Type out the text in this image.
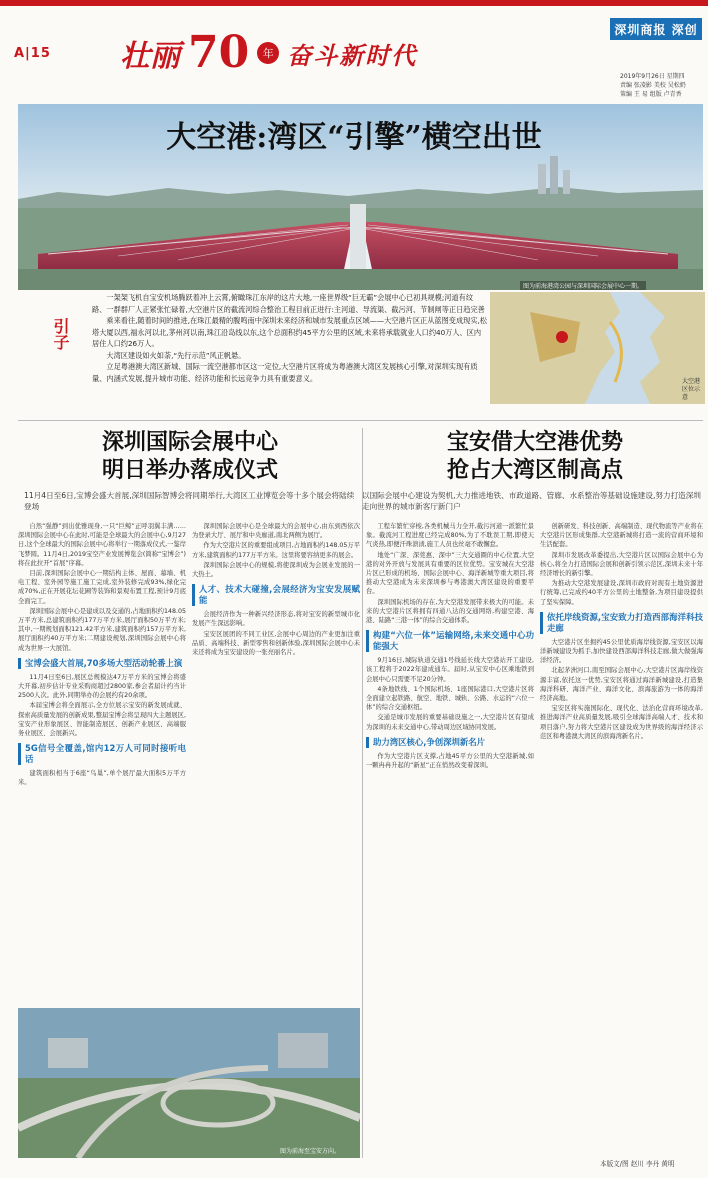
A|15 壮丽 70	年 奋斗新时代
深圳商报 深创
2019年9月26日 星期四
责编 张凌影 美校 吴松奶
策编 王 易 组版 卢青香
大空港:湾区“引擎”横空出世
图为前海港湾公园与深圳国际会展中心一期。
引子

一架架飞机自宝安机场腾跃着冲上云霄,俯瞰珠江东岸的这片大地,一座世界级“巨无霸”会展中心已初具规模;河道有纹路、一群群厂人正紧张忙碌着,大空港片区的截流河综合整治工程目前正进行:主河道、导流渠、截污河、节制闸等正日趋完善

乘来看往,随着时间的推进,在珠江最精的腹鸣南中深圳未来经济和城市发展重点区域——大空港片区正从蓝图变成现实,松塔大厦以西,福永河以北,茅州河以南,珠江沿岛线以东,这个总面积约45平方公里的区域,未来将承载就业人口约40万人、区内居住人口约26万人。

大湾区建设如火如荼,“先行示范”风正帆悬。

立足粤港澳大湾区新城、国际一流空港都市区这一定位,大空港片区将成为粤港澳大湾区发展核心引擎,对深圳实现有质量、内涵式发展,提升城市功能、经济功能和长远竞争力具有重要意义。	大空港区位示意
深圳国际会展中心
明日举办落成仪式
宝安借大空港优势
抢占大湾区制高点
11月4日至6日,宝博会盛大首展,深圳国际智博会将同期举行,大湾区工业博览会等十多个展会将陆续登场
以国际会展中心建设为契机,大力推进地铁、市政道路、管廊、水系整治等基础设施建设,努力打造深圳走向世界的城市新客厅新门户

自然“强静”到出优雅现身,一只“巨鲸”正呼羽翼丰满……深圳国际会展中心在此时,可能是全球最大的会展中心,9月27日,这个全球最大的国际会展中心将举行一期落成仪式,一鉴岸飞梦圆。11月4日,2019宝空产业发展博览会(简称“宝博会”)将在此拉开“首展”序幕。

目前,深圳国际会展中心一期结构主体、屋面、幕墙、机电工程、室外园等施工施工完成,室外装修完成93%,绿化完成70%,正在开展花坛花圃等装饰和景观布置工程,预计9月底全面完工。

深圳国际会展中心是建成以及交通的,占地面积约148.05万平方米,总建筑面积约177万平方米,展厅面积50万平方米;其中,一期规划面积121.42平方米,建筑面积约157万平方米,展厅面积约40万平方米;二期建设规划,深圳国际会展中心将成为世界一大展馆。

宝博会盛大首展,70多场大型活动轮番上演

11月4日至6日,展区总规模达47万平方米的宝博会将盛大开幕,初步估计专业采购商超过2800家,参会者届计约当计2500人次。此外,同期举办的会展约有20余项。

本届宝博会将全面展示,全方位展示宝安的新发展成就、探索高质量发展的创新成果,整届宝博会将呈现四大主题展区,宝安产业形象展区、智能制造展区、创新产业展区、高端服务业展区、会展新兴。

5G信号全覆盖,馆内12万人可同时接听电话

建筑面积相当于6座“鸟巢”,单个展厅最大面积5万平方米。

深圳国际会展中心是全球最大的会展中心,由东到西依次为登录大厅、展厅和中央廊道,南北两侧为展厅。

作为大空港片区的重要组成项目,占地面积约148.05万平方米,建筑面积约177万平方米。这里将要容纳更多的展会。

深圳国际会展中心的规模,将使深圳成为会展业发展的一大热土。

人才、技术大碰撞,会展经济为宝安发展赋能

会展经济作为一种新兴经济形态,将对宝安的新型城市化发展产生深远影响。

宝安区展团的不同工业区,会展中心周边的产业更加注重品质、高端科技、新型零售和创新体验,深圳国际会展中心未来还将成为宝安建设的一张亮丽名片。

图为前海至宝安方向。

工程车繁忙穿梭,各类机械马力全开,截污河道一派繁忙景象。截流河工程进度已经完成80%,为了不耽误工期,即使天气炎热,即便汗珠溃渍,施工人员也丝毫不敢懈怠。

地处“广深、深莞惠、深中”三大交通圈的中心位置,大空港的对外开放与发展具有重要的区位优势。宝安城在大空港片区已形成的机场、国际会展中心、海洋新城等重大项目,将推动大空港成为未来深圳参与粤港澳大湾区建设的重要平台。

深圳国际机场的存在,为大空港发展带来极大的可能。未来的大空港片区将拥有四通八达的交通网络,构建空港、海港、陆路“三港一体”的综合交通体系。

构建“六位一体”运输网络,未来交通中心功能强大

9月16日,城际轨道交通1号线延长线大空港站开工建设,该工程将于2022年建成通车。届时,从宝安中心区乘地铁到会展中心只需要不足20分钟。

4条地铁线、1个国际机场、1座国际港口,大空港片区将全面建立起铁路、航空、地铁、城轨、公路、水运的“六位一体”的综合交通枢纽。

交通是城市发展的重要基础设施之一,大空港片区有望成为深圳的未来交通中心,带动周边区域协同发展。

助力湾区核心,争创深圳新名片

作为大空港片区支撑,占地45平方公里的大空港新城,如一颗冉冉升起的“新星“正在悄然改变着深圳。

创新研发、科技创新、高端制造、现代物流等产业将在大空港片区形成集群,大空港新城将打造一流的营商环境和生活配套。

深圳市发展改革委提出,大空港片区以国际会展中心为核心,将全力打造国际会展和创新引领示范区,深圳未来十年经济增长的新引擎。

为推动大空港发展建设,深圳市政府对现有土地资源进行统筹,已完成约40平方公里的土地整备,为项目建设提供了坚实保障。

依托岸线资源,宝安致力打造西部海洋科技走廊

大空港片区坐拥约45公里优质海岸线资源,宝安区以海洋新城建设为抓手,加快建设西部海洋科技走廊,做大做强海洋经济。

北起茅洲河口,南至国际会展中心,大空港片区海岸线资源丰富,依托这一优势,宝安区将通过海洋新城建设,打造集海洋科研、海洋产业、海洋文化、滨海旅游为一体的海洋经济高地。

宝安区将实施国际化、现代化、法治化营商环境改革,推进海洋产业高质量发展,吸引全球海洋高端人才、技术和项目落户,努力将大空港片区建设成为世界级的海洋经济示范区和粤港澳大湾区的滨海湾新名片。

本版文/图 赵川 李丹 黄明
